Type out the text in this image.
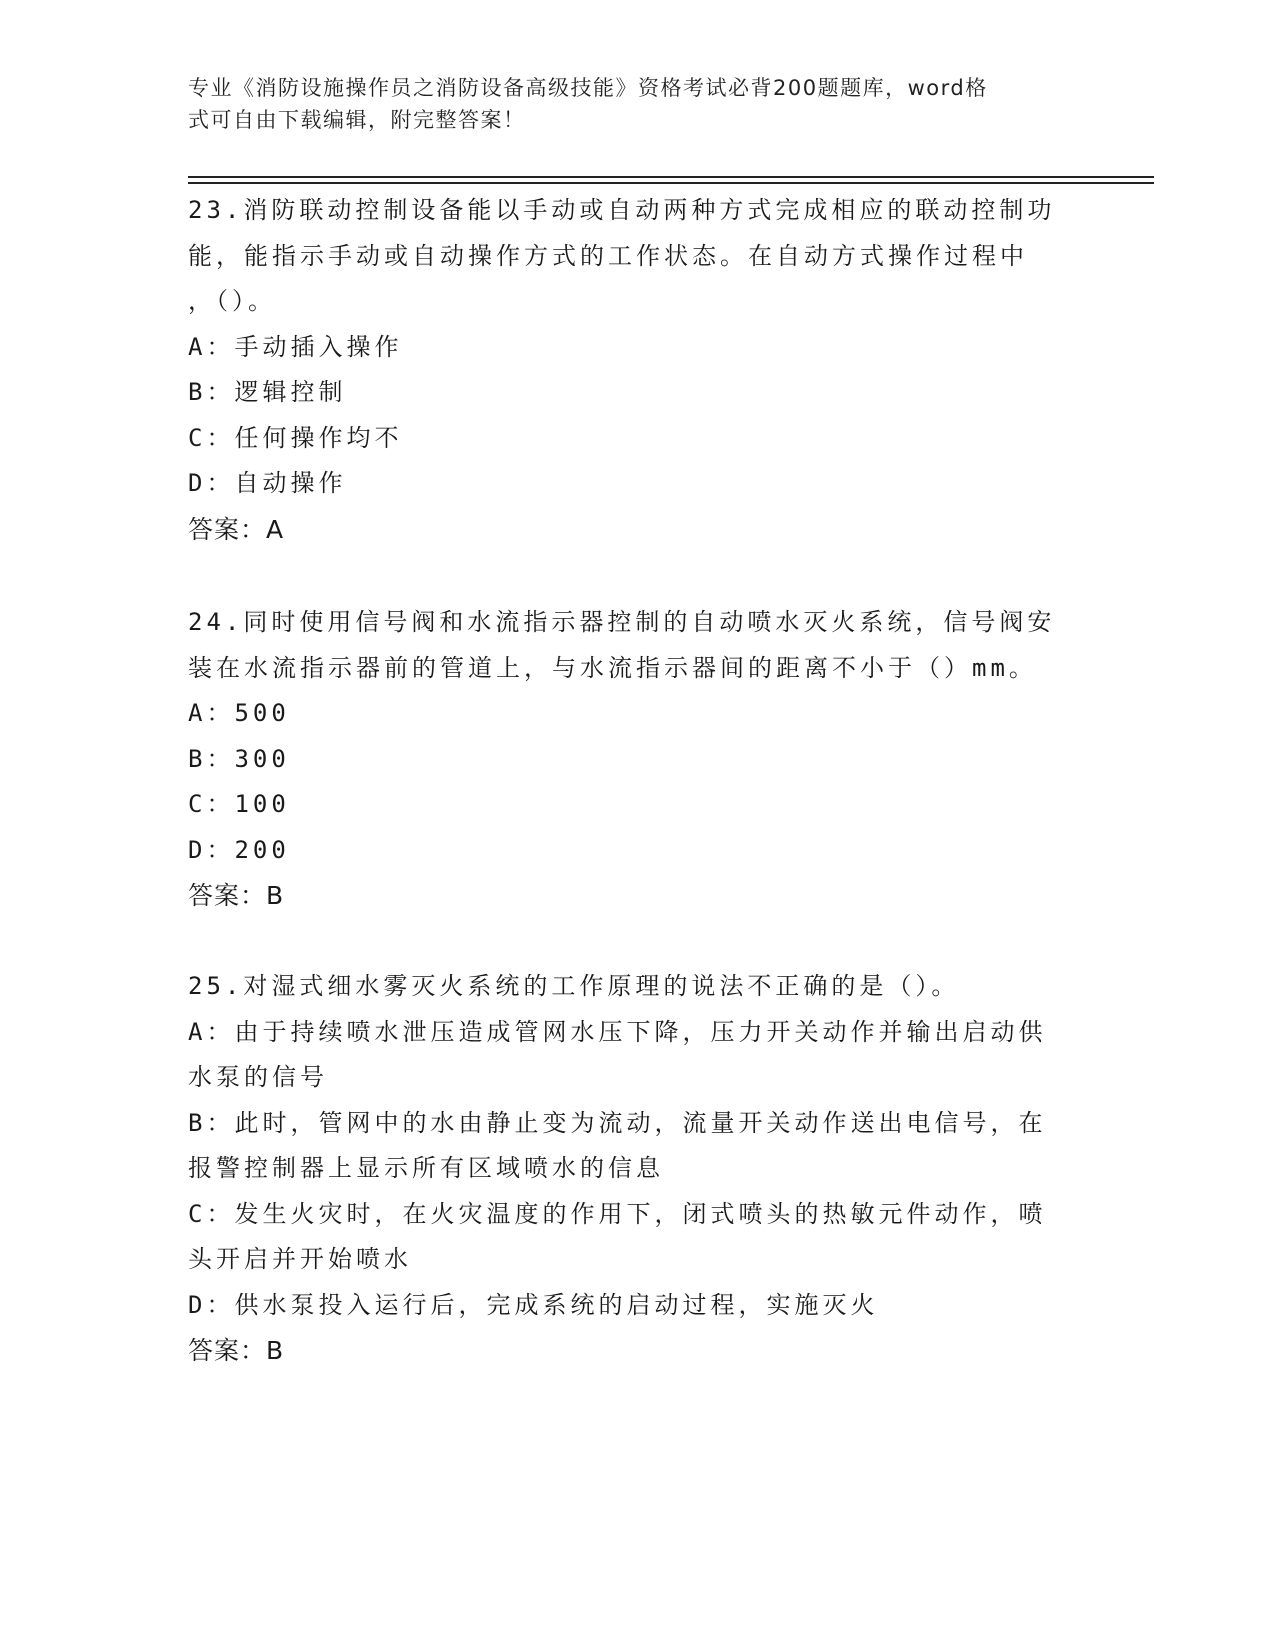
专业《消防设施操作员之消防设备高级技能》资格考试必背200题题库，word格
式可自由下载编辑，附完整答案！
23.消防联动控制设备能以手动或自动两种方式完成相应的联动控制功
能，能指示手动或自动操作方式的工作状态。在自动方式操作过程中
，（）。
A：手动插入操作
B：逻辑控制
C：任何操作均不
D：自动操作
答案：A
24.同时使用信号阀和水流指示器控制的自动喷水灭火系统，信号阀安
装在水流指示器前的管道上，与水流指示器间的距离不小于（）mm。
A：500
B：300
C：100
D：200
答案：B
25.对湿式细水雾灭火系统的工作原理的说法不正确的是（）。
A：由于持续喷水泄压造成管网水压下降，压力开关动作并输出启动供
水泵的信号
B：此时，管网中的水由静止变为流动，流量开关动作送出电信号，在
报警控制器上显示所有区域喷水的信息
C：发生火灾时，在火灾温度的作用下，闭式喷头的热敏元件动作，喷
头开启并开始喷水
D：供水泵投入运行后，完成系统的启动过程，实施灭火
答案：B
